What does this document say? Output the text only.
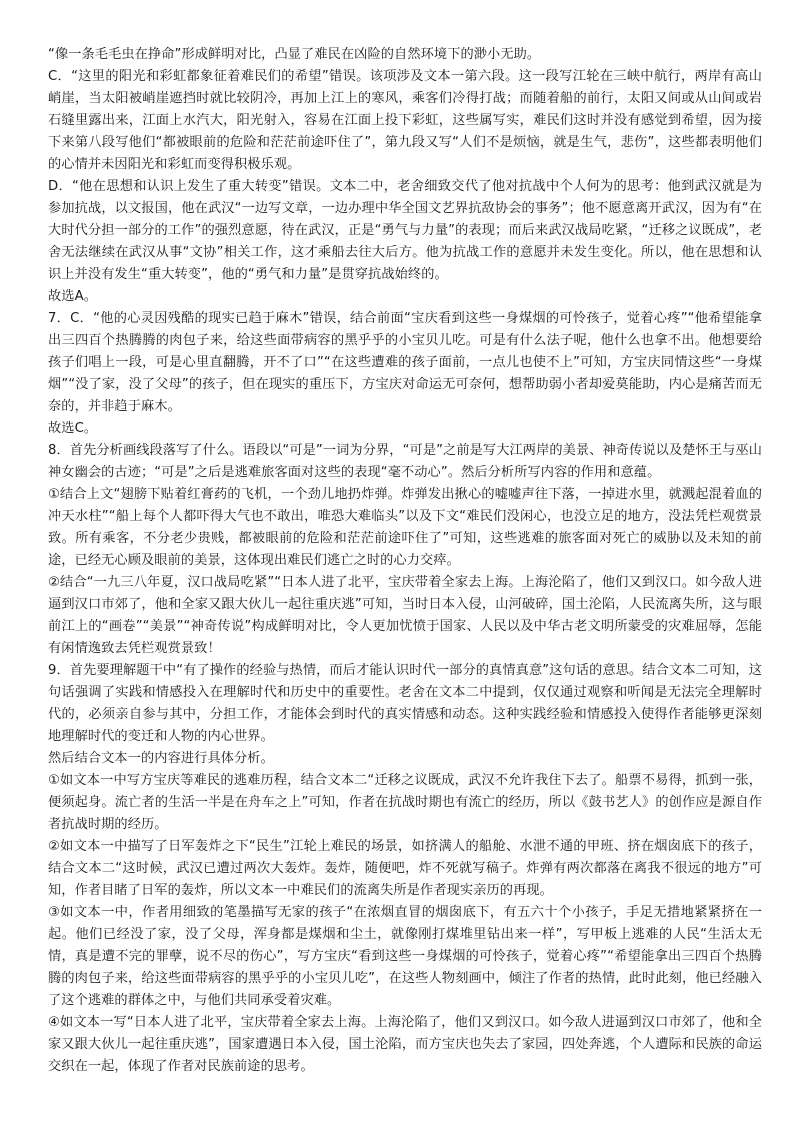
“像一条毛毛虫在挣命”形成鲜明对比，凸显了难民在凶险的自然环境下的渺小无助。

C．“这里的阳光和彩虹都象征着难民们的希望”错误。该项涉及文本一第六段。这一段写江轮在三峡中航行，两岸有高山峭崖，当太阳被峭崖遮挡时就比较阴冷，再加上江上的寒风，乘客们冷得打战；而随着船的前行，太阳又间或从山间或岩石缝里露出来，江面上水汽大，阳光射入，容易在江面上投下彩虹，这些属写实，难民们这时并没有感觉到希望，因为接下来第八段写他们“都被眼前的危险和茫茫前途吓住了”，第九段又写“人们不是烦恼，就是生气，悲伤”，这些都表明他们的心情并未因阳光和彩虹而变得积极乐观。

D．“他在思想和认识上发生了重大转变”错误。文本二中，老舍细致交代了他对抗战中个人何为的思考：他到武汉就是为参加抗战，以文报国，他在武汉“一边写文章，一边办理中华全国文艺界抗敌协会的事务”；他不愿意离开武汉，因为有“在大时代分担一部分的工作”的强烈意愿，待在武汉，正是“勇气与力量”的表现；而后来武汉战局吃紧，“迁移之议既成”，老舍无法继续在武汉从事“文协”相关工作，这才乘船去往大后方。他为抗战工作的意愿并未发生变化。所以，他在思想和认识上并没有发生“重大转变”，他的“勇气和力量”是贯穿抗战始终的。

故选A。

7．C．“他的心灵因残酷的现实已趋于麻木”错误，结合前面“宝庆看到这些一身煤烟的可怜孩子，觉着心疼”“他希望能拿出三四百个热腾腾的肉包子来，给这些面带病容的黑乎乎的小宝贝儿吃。可是有什么法子呢，他什么也拿不出。他想要给孩子们唱上一段，可是心里直翻腾，开不了口”“在这些遭难的孩子面前，一点儿也使不上”可知，方宝庆同情这些“一身煤烟”“没了家，没了父母”的孩子，但在现实的重压下，方宝庆对命运无可奈何，想帮助弱小者却爱莫能助，内心是痛苦而无奈的，并非趋于麻木。

故选C。

8．首先分析画线段落写了什么。语段以“可是”一词为分界，“可是”之前是写大江两岸的美景、神奇传说以及楚怀王与巫山神女幽会的古迹；“可是”之后是逃难旅客面对这些的表现“毫不动心”。然后分析所写内容的作用和意蕴。

①结合上文“翅膀下贴着红膏药的飞机，一个劲儿地扔炸弹。炸弹发出揪心的嘘嘘声往下落，一掉进水里，就溅起混着血的冲天水柱”“船上每个人都吓得大气也不敢出，唯恐大难临头”以及下文“难民们没闲心，也没立足的地方，没法凭栏观赏景致。所有乘客，不分老少贵贱，都被眼前的危险和茫茫前途吓住了”可知，这些逃难的旅客面对死亡的威胁以及未知的前途，已经无心顾及眼前的美景，这体现出难民们逃亡之时的心力交瘁。

②结合“一九三八年夏，汉口战局吃紧”“日本人进了北平，宝庆带着全家去上海。上海沦陷了，他们又到汉口。如今敌人进逼到汉口市郊了，他和全家又跟大伙儿一起往重庆逃”可知，当时日本入侵，山河破碎，国土沦陷，人民流离失所，这与眼前江上的“画卷”“美景”“神奇传说”构成鲜明对比，令人更加忧愤于国家、人民以及中华古老文明所蒙受的灾难屈辱，怎能有闲情逸致去凭栏观赏景致！

9．首先要理解题干中“有了操作的经验与热情，而后才能认识时代一部分的真情真意”这句话的意思。结合文本二可知，这句话强调了实践和情感投入在理解时代和历史中的重要性。老舍在文本二中提到，仅仅通过观察和听闻是无法完全理解时代的，必须亲自参与其中，分担工作，才能体会到时代的真实情感和动态。这种实践经验和情感投入使得作者能够更深刻地理解时代的变迁和人物的内心世界。

然后结合文本一的内容进行具体分析。

①如文本一中写方宝庆等难民的逃难历程，结合文本二“迁移之议既成，武汉不允许我住下去了。船票不易得，抓到一张，便须起身。流亡者的生活一半是在舟车之上”可知，作者在抗战时期也有流亡的经历，所以《鼓书艺人》的创作应是源自作者抗战时期的经历。

②如文本一中描写了日军轰炸之下“民生”江轮上难民的场景，如挤满人的船舱、水泄不通的甲班、挤在烟囱底下的孩子，结合文本二“这时候，武汉已遭过两次大轰炸。轰炸，随便吧，炸不死就写稿子。炸弹有两次都落在离我不很远的地方”可知，作者目睹了日军的轰炸，所以文本一中难民们的流离失所是作者现实亲历的再现。

③如文本一中，作者用细致的笔墨描写无家的孩子“在浓烟直冒的烟囱底下，有五六十个小孩子，手足无措地紧紧挤在一起。他们已经没了家，没了父母，浑身都是煤烟和尘土，就像刚打煤堆里钻出来一样”，写甲板上逃难的人民“生活太无情，真是遭不完的罪孽，说不尽的伤心”，写方宝庆“看到这些一身煤烟的可怜孩子，觉着心疼”“希望能拿出三四百个热腾腾的肉包子来，给这些面带病容的黑乎乎的小宝贝儿吃”，在这些人物刻画中，倾注了作者的热情，此时此刻，他已经融入了这个逃难的群体之中，与他们共同承受着灾难。

④如文本一写“日本人进了北平，宝庆带着全家去上海。上海沦陷了，他们又到汉口。如今敌人进逼到汉口市郊了，他和全家又跟大伙儿一起往重庆逃”，国家遭遇日本入侵，国土沦陷，而方宝庆也失去了家园，四处奔逃，个人遭际和民族的命运交织在一起，体现了作者对民族前途的思考。
